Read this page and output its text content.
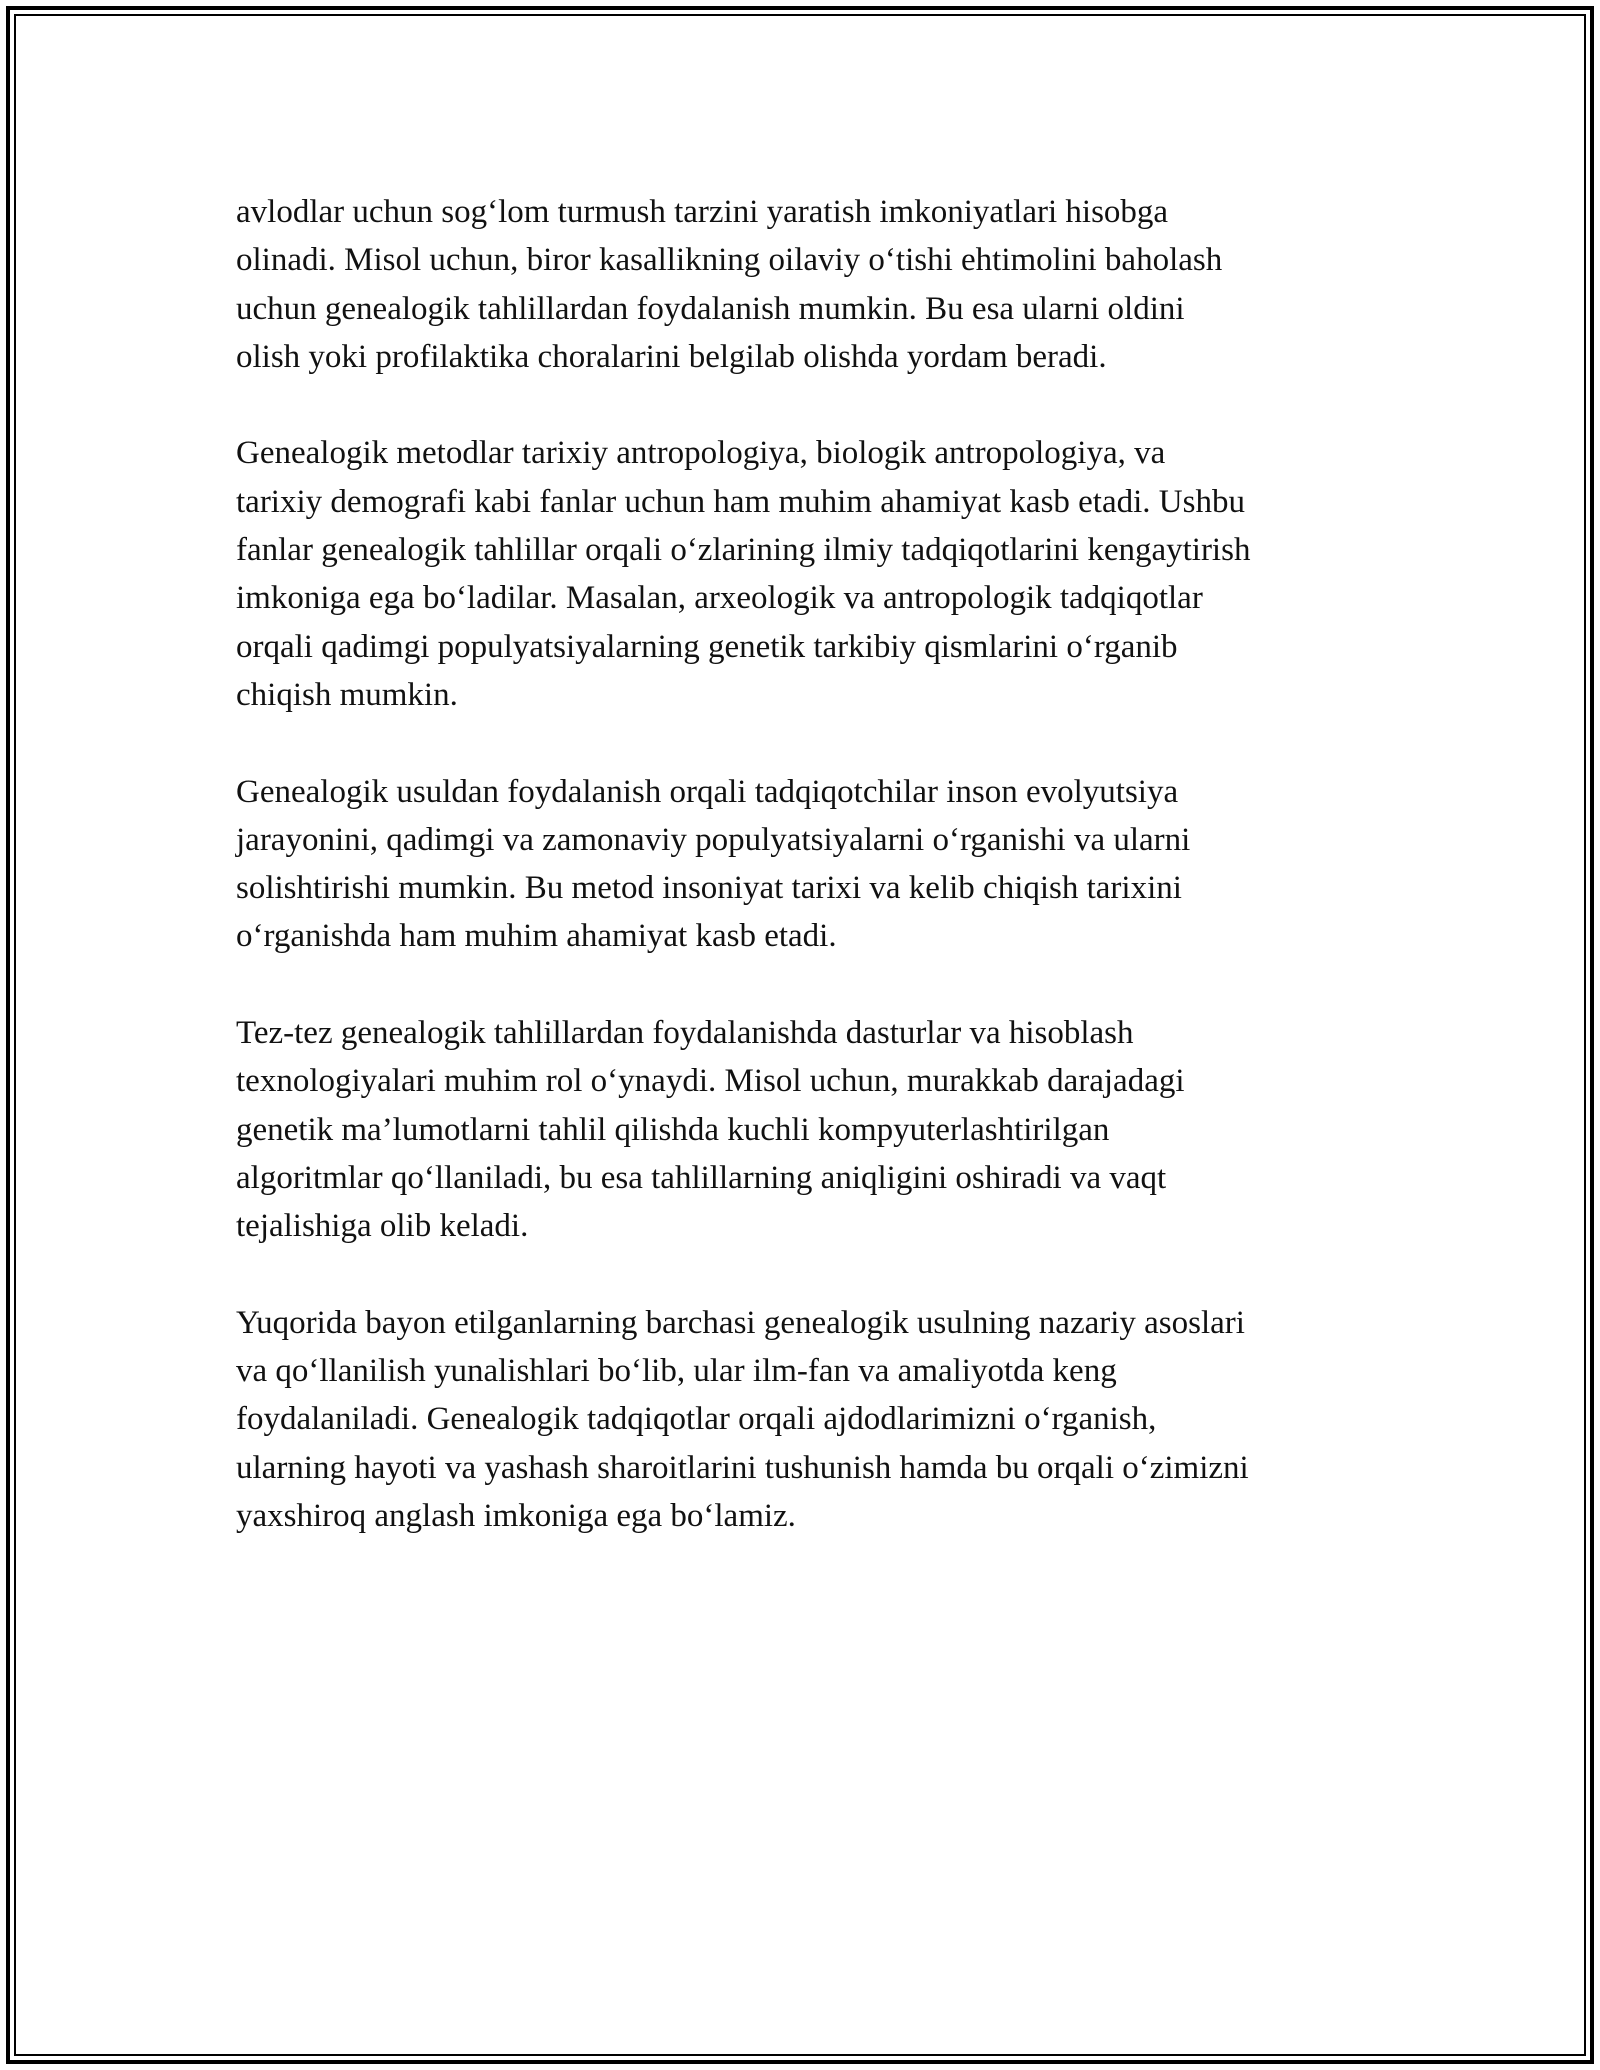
avlodlar uchun sog‘lom turmush tarzini yaratish imkoniyatlari hisobga
olinadi. Misol uchun, biror kasallikning oilaviy o‘tishi ehtimolini baholash
uchun genealogik tahlillardan foydalanish mumkin. Bu esa ularni oldini
olish yoki profilaktika choralarini belgilab olishda yordam beradi.

Genealogik metodlar tarixiy antropologiya, biologik antropologiya, va
tarixiy demografi kabi fanlar uchun ham muhim ahamiyat kasb etadi. Ushbu
fanlar genealogik tahlillar orqali o‘zlarining ilmiy tadqiqotlarini kengaytirish
imkoniga ega bo‘ladilar. Masalan, arxeologik va antropologik tadqiqotlar
orqali qadimgi populyatsiyalarning genetik tarkibiy qismlarini o‘rganib
chiqish mumkin.

Genealogik usuldan foydalanish orqali tadqiqotchilar inson evolyutsiya
jarayonini, qadimgi va zamonaviy populyatsiyalarni o‘rganishi va ularni
solishtirishi mumkin. Bu metod insoniyat tarixi va kelib chiqish tarixini
o‘rganishda ham muhim ahamiyat kasb etadi.

Tez-tez genealogik tahlillardan foydalanishda dasturlar va hisoblash
texnologiyalari muhim rol o‘ynaydi. Misol uchun, murakkab darajadagi
genetik ma’lumotlarni tahlil qilishda kuchli kompyuterlashtirilgan
algoritmlar qo‘llaniladi, bu esa tahlillarning aniqligini oshiradi va vaqt
tejalishiga olib keladi.

Yuqorida bayon etilganlarning barchasi genealogik usulning nazariy asoslari
va qo‘llanilish yunalishlari bo‘lib, ular ilm-fan va amaliyotda keng
foydalaniladi. Genealogik tadqiqotlar orqali ajdodlarimizni o‘rganish,
ularning hayoti va yashash sharoitlarini tushunish hamda bu orqali o‘zimizni
yaxshiroq anglash imkoniga ega bo‘lamiz.
